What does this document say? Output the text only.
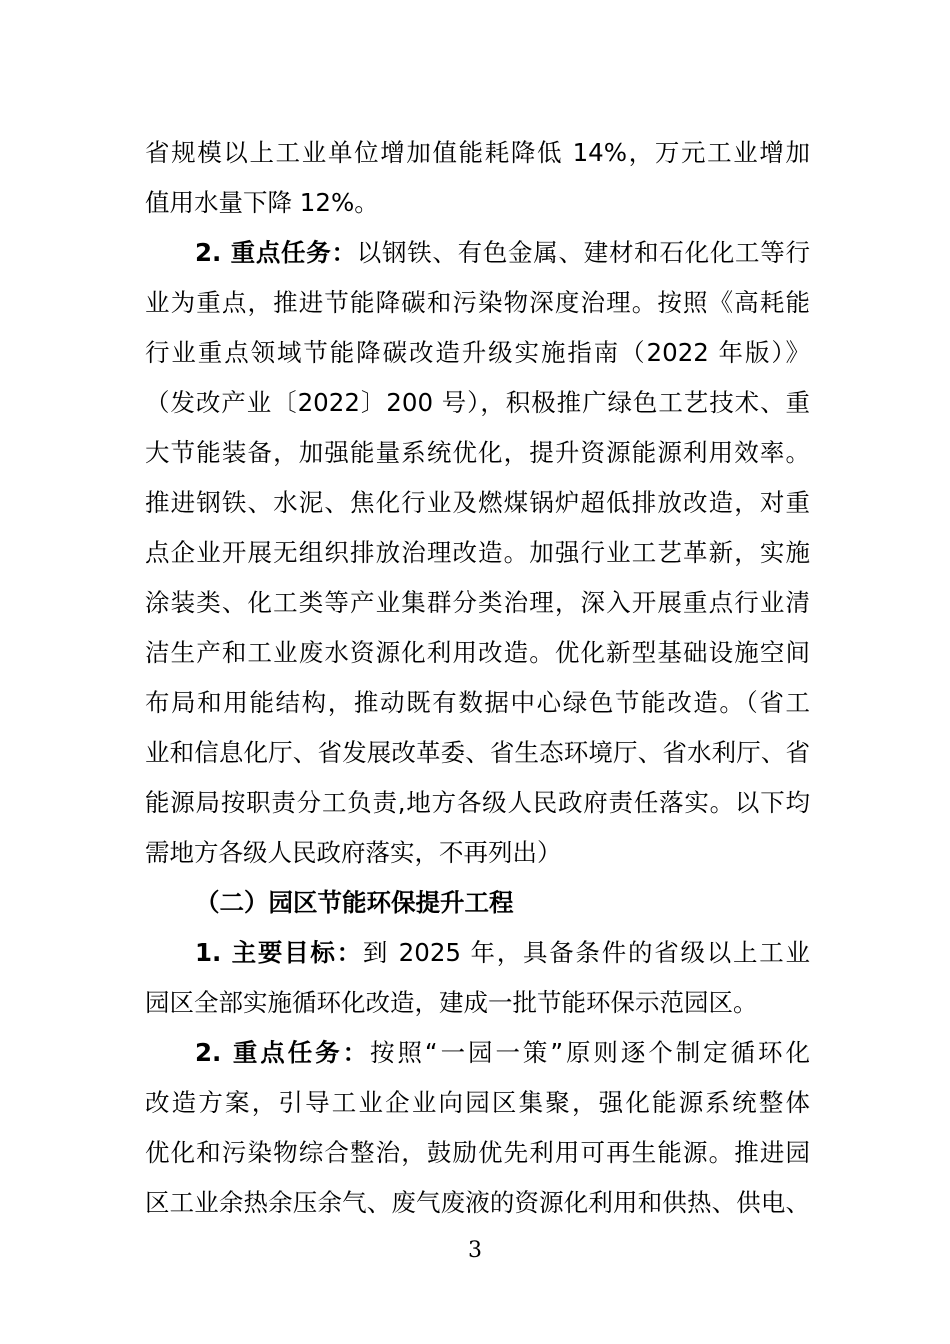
省规模以上工业单位增加值能耗降低 14%，万元工业增加
值用水量下降 12%。
2. 重点任务：以钢铁、有色金属、建材和石化化工等行
业为重点，推进节能降碳和污染物深度治理。按照《高耗能
行业重点领域节能降碳改造升级实施指南（2022 年版）》
（发改产业〔2022〕200 号），积极推广绿色工艺技术、重
大节能装备，加强能量系统优化，提升资源能源利用效率。
推进钢铁、水泥、焦化行业及燃煤锅炉超低排放改造，对重
点企业开展无组织排放治理改造。加强行业工艺革新，实施
涂装类、化工类等产业集群分类治理，深入开展重点行业清
洁生产和工业废水资源化利用改造。优化新型基础设施空间
布局和用能结构，推动既有数据中心绿色节能改造。（省工
业和信息化厅、省发展改革委、省生态环境厅、省水利厅、省
能源局按职责分工负责,地方各级人民政府责任落实。以下均
需地方各级人民政府落实，不再列出）
（二）园区节能环保提升工程
1. 主要目标：到 2025 年，具备条件的省级以上工业
园区全部实施循环化改造，建成一批节能环保示范园区。
2. 重点任务：按照“一园一策”原则逐个制定循环化
改造方案，引导工业企业向园区集聚，强化能源系统整体
优化和污染物综合整治，鼓励优先利用可再生能源。推进园
区工业余热余压余气、废气废液的资源化利用和供热、供电、
3
